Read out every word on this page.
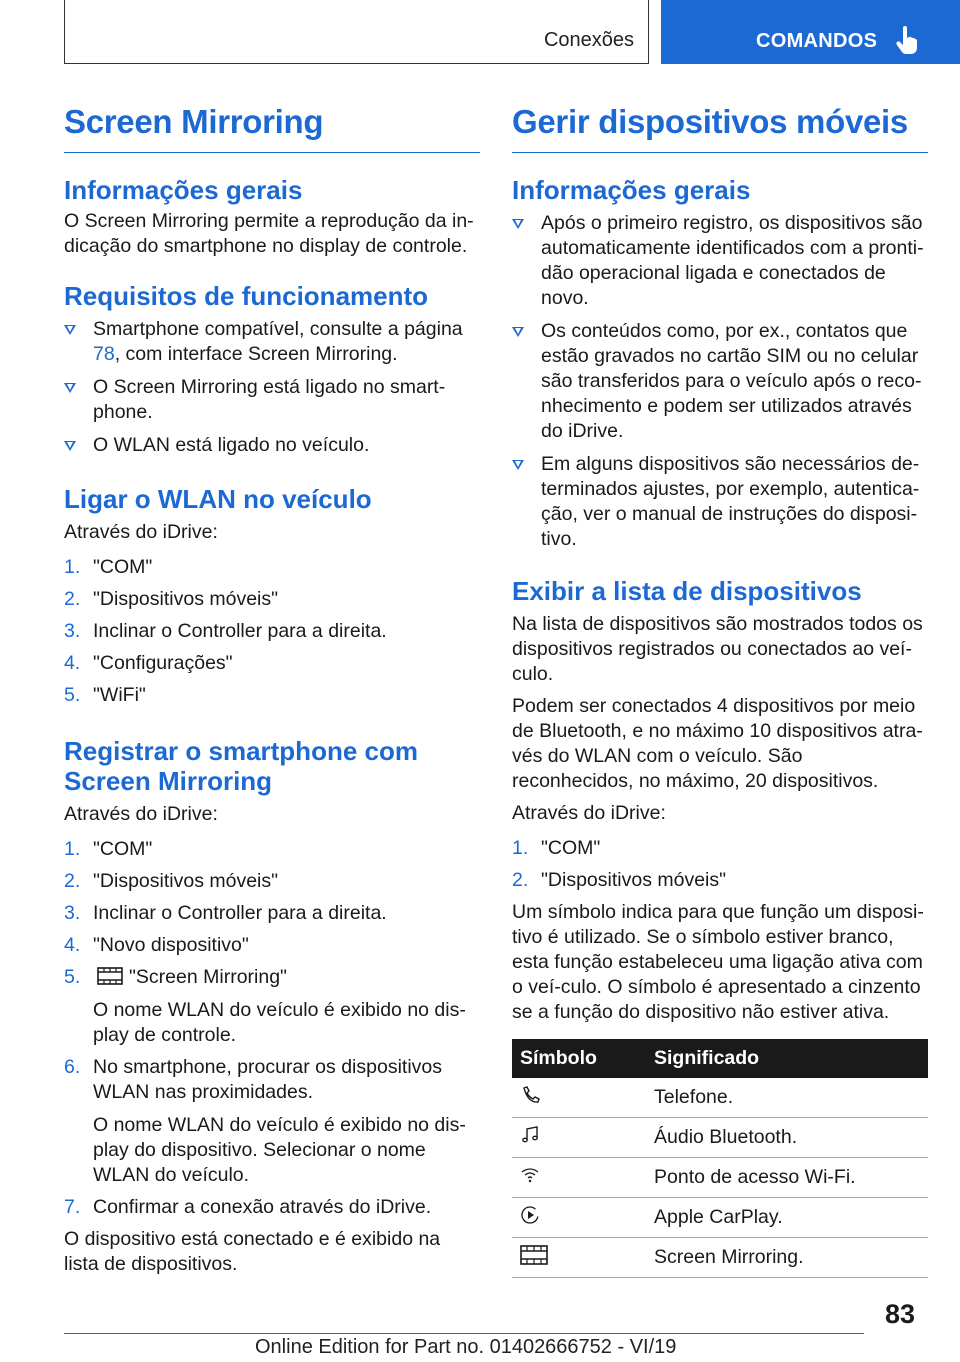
Conexões	COMANDOS
Screen Mirroring
Informações gerais

O Screen Mirroring permite a reprodução da in-dicação do smartphone no display de controle.

Requisitos de funcionamento
Smartphone compatível, consulte a página 78, com interface Screen Mirroring.
O Screen Mirroring está ligado no smart-phone.
O WLAN está ligado no veículo.
Ligar o WLAN no veículo

Através do iDrive:

1. "COM"
2. "Dispositivos móveis"
3. Inclinar o Controller para a direita.
4. "Configurações"
5. "WiFi"
Registrar o smartphone com Screen Mirroring

Através do iDrive:

1. "COM"
2. "Dispositivos móveis"
3. Inclinar o Controller para a direita.
4. "Novo dispositivo"
5. "Screen Mirroring"

O nome WLAN do veículo é exibido no dis-play de controle.

6. No smartphone, procurar os dispositivos WLAN nas proximidades.

O nome WLAN do veículo é exibido no dis-play do dispositivo. Selecionar o nome WLAN do veículo.

7. Confirmar a conexão através do iDrive.

O dispositivo está conectado e é exibido na lista de dispositivos.

Gerir dispositivos móveis
Informações gerais
Após o primeiro registro, os dispositivos são automaticamente identificados com a pronti-dão operacional ligada e conectados de novo.
Os conteúdos como, por ex., contatos que estão gravados no cartão SIM ou no celular são transferidos para o veículo após o reco-nhecimento e podem ser utilizados através do iDrive.
Em alguns dispositivos são necessários de-terminados ajustes, por exemplo, autentica-ção, ver o manual de instruções do disposi-tivo.
Exibir a lista de dispositivos

Na lista de dispositivos são mostrados todos os dispositivos registrados ou conectados ao veí-culo.

Podem ser conectados 4 dispositivos por meio de Bluetooth, e no máximo 10 dispositivos atra-vés do WLAN com o veículo. São reconhecidos, no máximo, 20 dispositivos.

Através do iDrive:

1. "COM"
2. "Dispositivos móveis"

Um símbolo indica para que função um disposi-tivo é utilizado. Se o símbolo estiver branco, esta função estabeleceu uma ligação ativa com o veí-culo. O símbolo é apresentado a cinzento se a função do dispositivo não estiver ativa.

Símbolo	Significado
	Telefone.
	Áudio Bluetooth.
	Ponto de acesso Wi-Fi.
	Apple CarPlay.
	Screen Mirroring.
83
Online Edition for Part no. 01402666752 - VI/19
